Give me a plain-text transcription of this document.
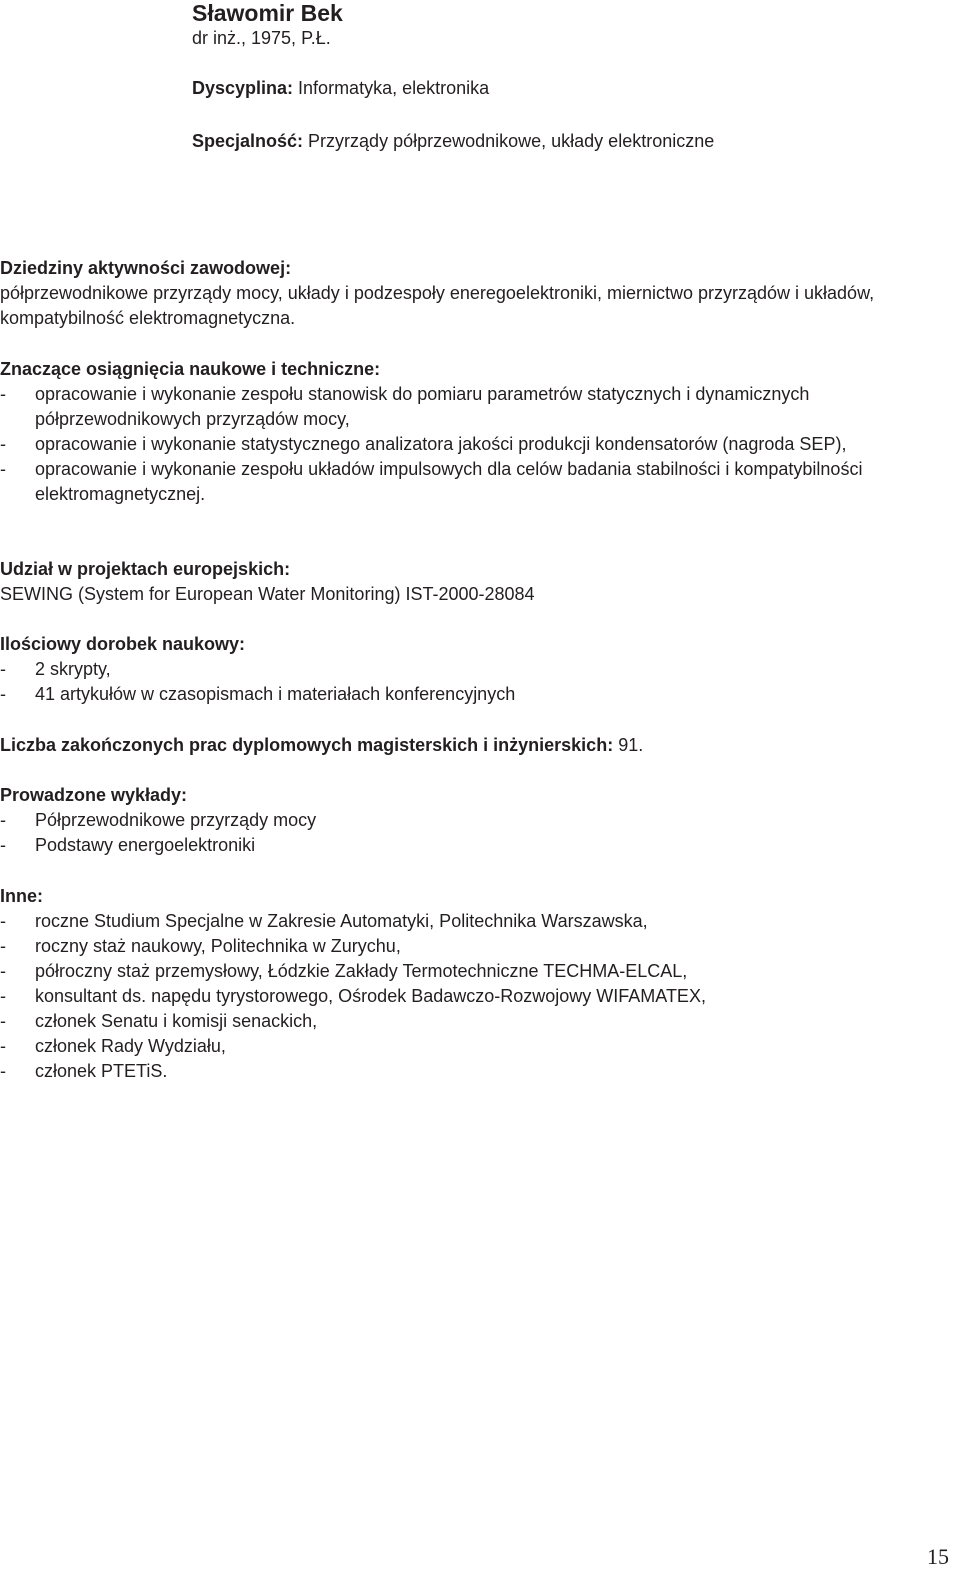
Sławomir Bek
dr inż., 1975, P.Ł.
Dyscyplina: Informatyka, elektronika
Specjalność: Przyrządy półprzewodnikowe, układy elektroniczne
Dziedziny aktywności zawodowej:
półprzewodnikowe przyrządy mocy, układy i podzespoły eneregoelektroniki, miernictwo przyrządów i układów, kompatybilność elektromagnetyczna.
Znaczące osiągnięcia naukowe i techniczne:
-	opracowanie i wykonanie zespołu stanowisk do pomiaru parametrów statycznych i dynamicznych półprzewodnikowych przyrządów mocy,
-	opracowanie i wykonanie statystycznego analizatora jakości produkcji kondensatorów (nagroda SEP),
-	opracowanie i wykonanie zespołu układów impulsowych dla celów badania stabilności i kompatybilności elektromagnetycznej.
Udział w projektach europejskich:
SEWING (System for European Water Monitoring) IST-2000-28084
Ilościowy dorobek naukowy:
-	2 skrypty,
-	41 artykułów w czasopismach i materiałach konferencyjnych
Liczba zakończonych prac dyplomowych magisterskich i inżynierskich: 91.
Prowadzone wykłady:
-	Półprzewodnikowe przyrządy mocy
-	Podstawy energoelektroniki
Inne:
-	roczne Studium Specjalne w Zakresie Automatyki, Politechnika Warszawska,
-	roczny staż naukowy, Politechnika w Zurychu,
-	półroczny staż przemysłowy, Łódzkie Zakłady Termotechniczne TECHMA-ELCAL,
-	konsultant ds. napędu tyrystorowego, Ośrodek Badawczo-Rozwojowy WIFAMATEX,
-	członek Senatu i komisji senackich,
-	członek Rady Wydziału,
-	członek PTETiS.
15
